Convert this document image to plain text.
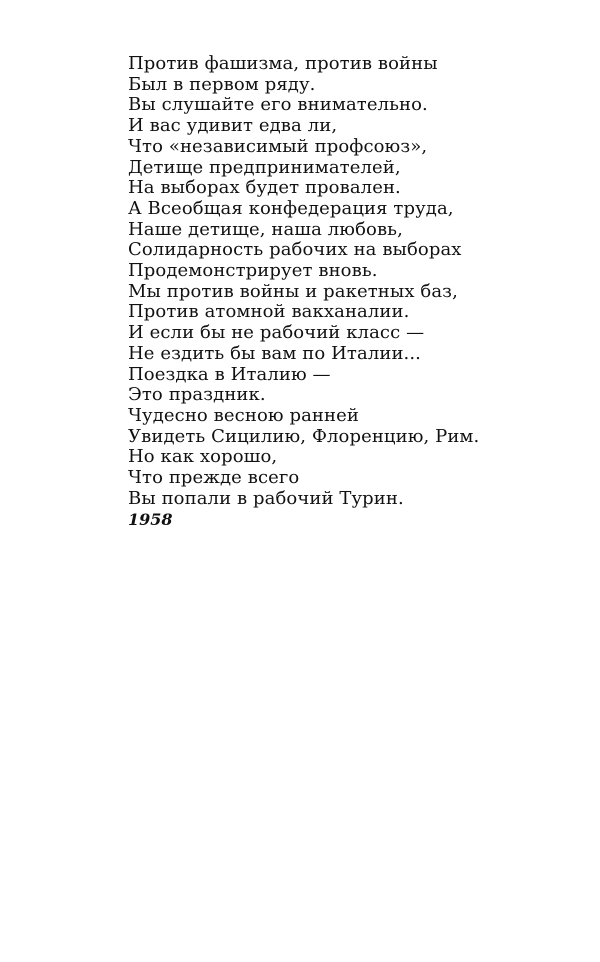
Против фашизма, против войны
Был в первом ряду.
Вы слушайте его внимательно.
И вас удивит едва ли,
Что «независимый профсоюз»,
Детище предпринимателей,
На выборах будет провален.
А Всеобщая конфедерация труда,
Наше детище, наша любовь,
Солидарность рабочих на выборах
Продемонстрирует вновь.
Мы против войны и ракетных баз,
Против атомной вакханалии.
И если бы не рабочий класс —
Не ездить бы вам по Италии...
Поездка в Италию —
Это праздник.
Чудесно весною ранней
Увидеть Сицилию, Флоренцию, Рим.
Но как хорошо,
Что прежде всего
Вы попали в рабочий Турин.

1958
